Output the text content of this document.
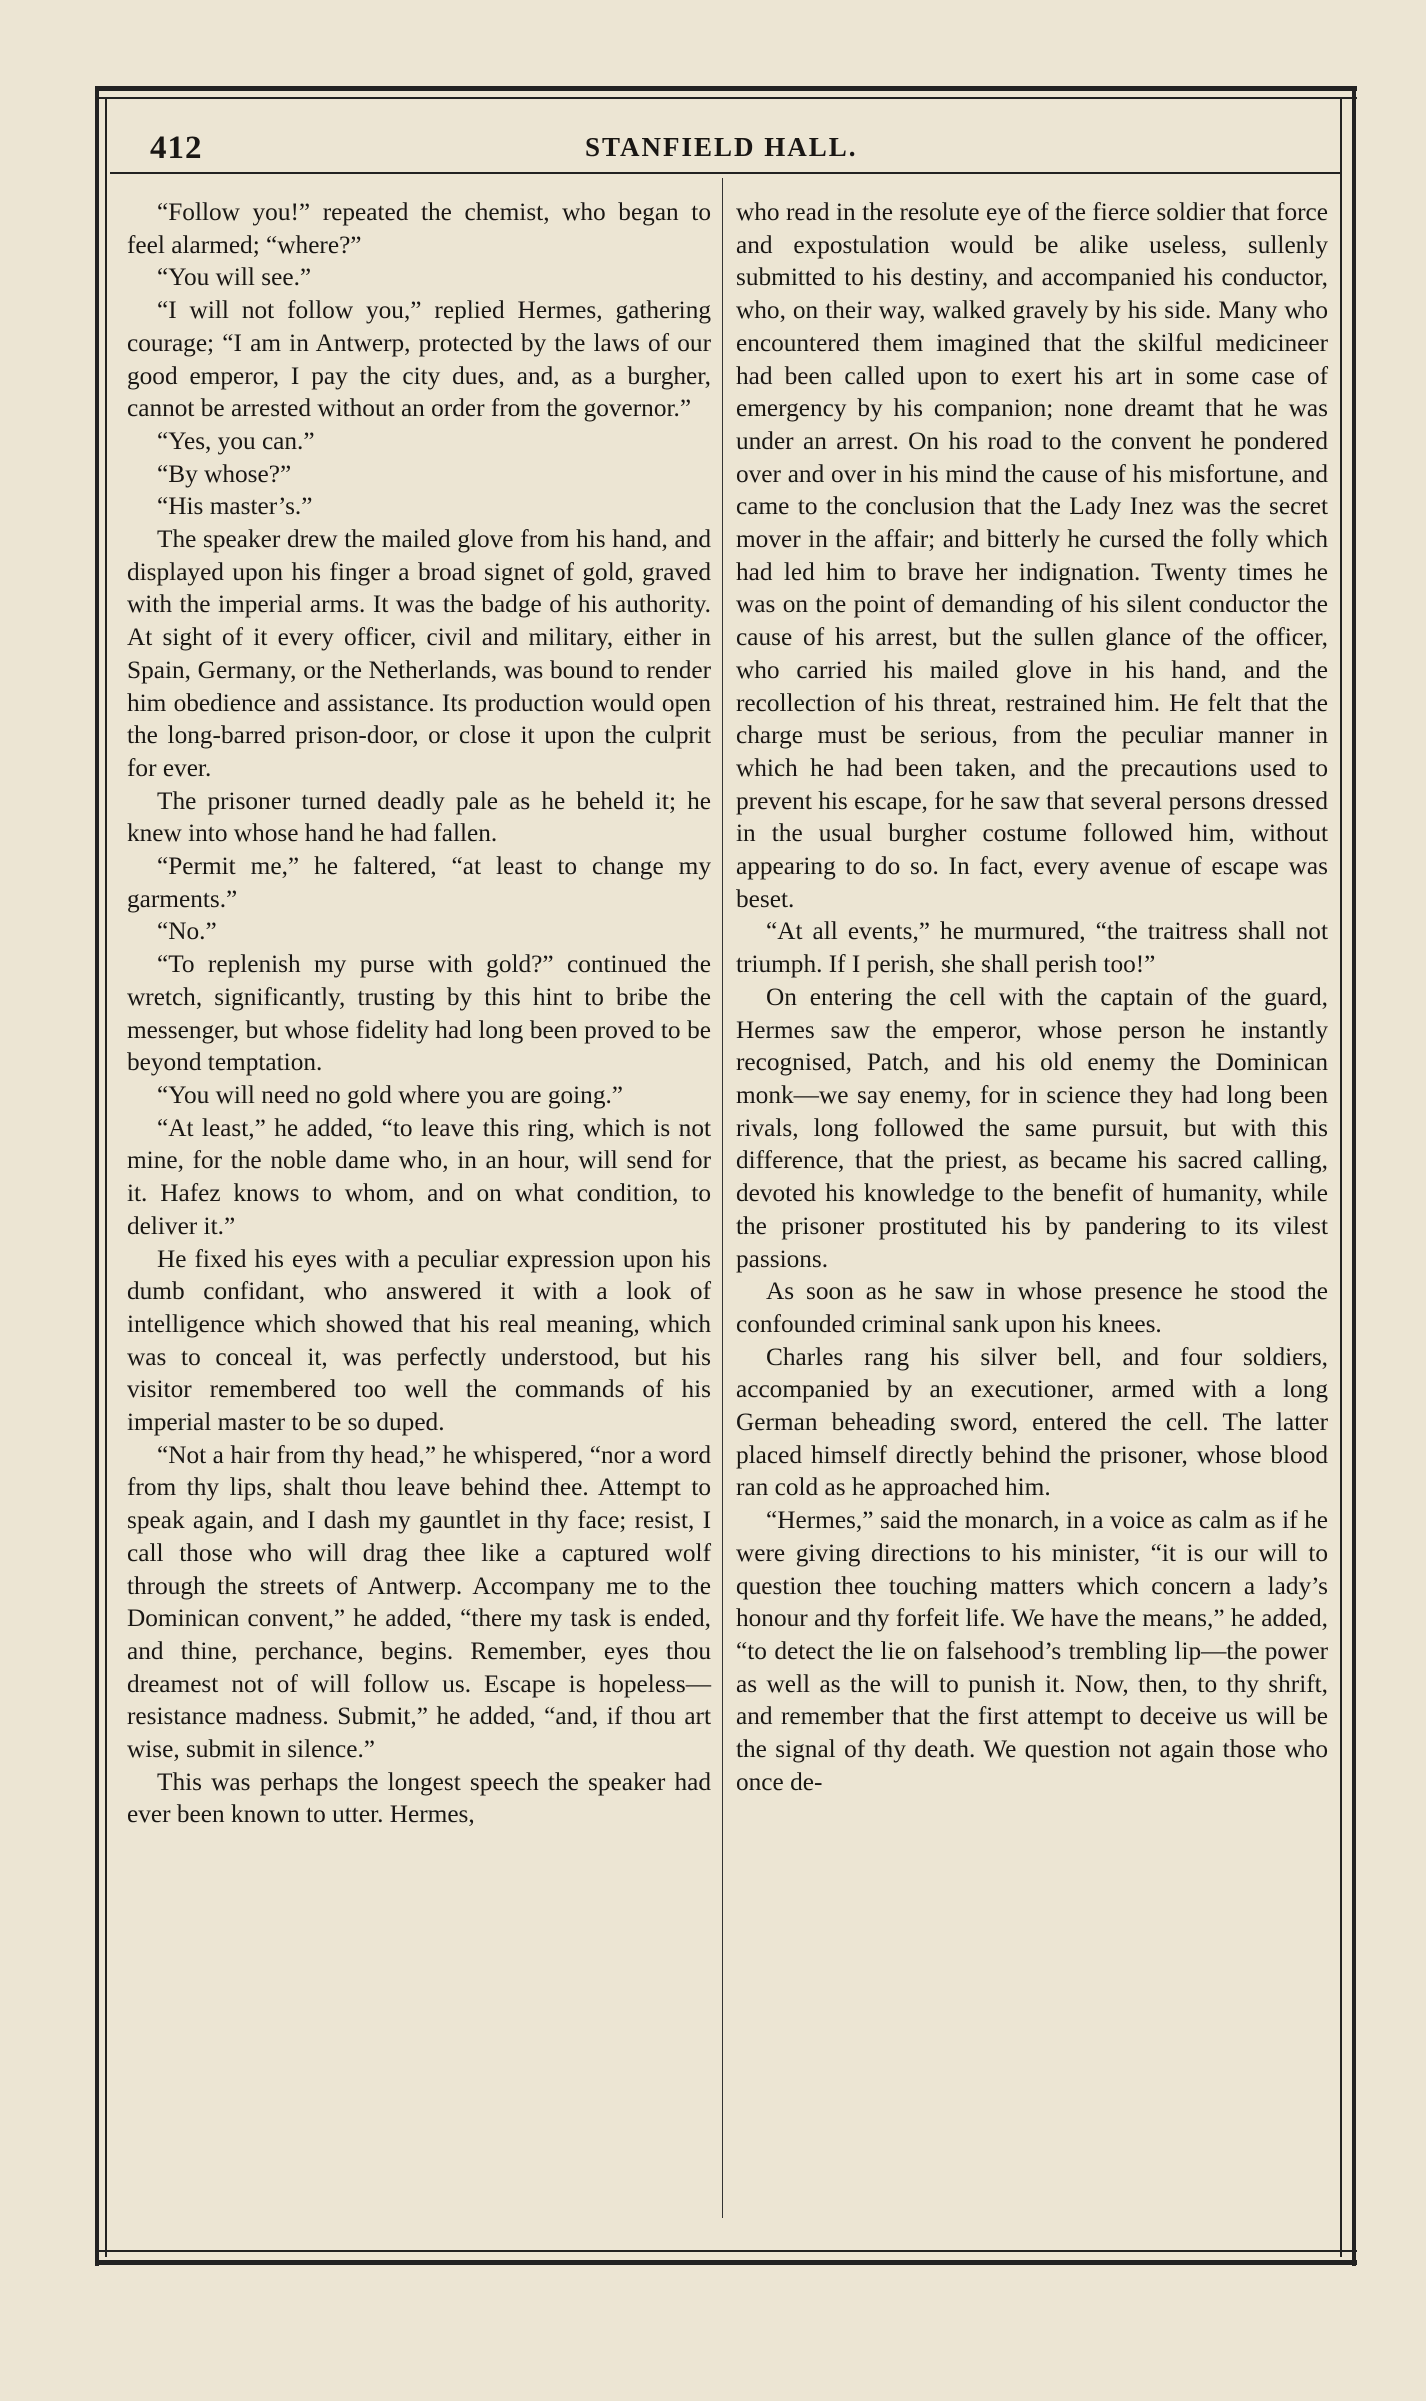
412	STANFIELD HALL.

“Follow you!” repeated the chemist, who began to feel alarmed; “where?”

“You will see.”

“I will not follow you,” replied Hermes, gathering courage; “I am in Antwerp, protected by the laws of our good emperor, I pay the city dues, and, as a burgher, cannot be arrested without an order from the governor.”

“Yes, you can.”

“By whose?”

“His master’s.”

The speaker drew the mailed glove from his hand, and displayed upon his finger a broad signet of gold, graved with the imperial arms. It was the badge of his authority. At sight of it every officer, civil and military, either in Spain, Germany, or the Netherlands, was bound to render him obedience and assistance. Its production would open the long-barred prison-door, or close it upon the culprit for ever.

The prisoner turned deadly pale as he beheld it; he knew into whose hand he had fallen.

“Permit me,” he faltered, “at least to change my garments.”

“No.”

“To replenish my purse with gold?” continued the wretch, significantly, trusting by this hint to bribe the messenger, but whose fidelity had long been proved to be beyond temptation.

“You will need no gold where you are going.”

“At least,” he added, “to leave this ring, which is not mine, for the noble dame who, in an hour, will send for it. Hafez knows to whom, and on what condition, to deliver it.”

He fixed his eyes with a peculiar expression upon his dumb confidant, who answered it with a look of intelligence which showed that his real meaning, which was to conceal it, was perfectly understood, but his visitor remembered too well the commands of his imperial master to be so duped.

“Not a hair from thy head,” he whispered, “nor a word from thy lips, shalt thou leave behind thee. Attempt to speak again, and I dash my gauntlet in thy face; resist, I call those who will drag thee like a captured wolf through the streets of Antwerp. Accompany me to the Dominican convent,” he added, “there my task is ended, and thine, perchance, begins. Remember, eyes thou dreamest not of will follow us. Escape is hopeless—resistance madness. Submit,” he added, “and, if thou art wise, submit in silence.”

This was perhaps the longest speech the speaker had ever been known to utter. Hermes,

who read in the resolute eye of the fierce soldier that force and expostulation would be alike useless, sullenly submitted to his destiny, and accompanied his conductor, who, on their way, walked gravely by his side. Many who encountered them imagined that the skilful medicineer had been called upon to exert his art in some case of emergency by his companion; none dreamt that he was under an arrest. On his road to the convent he pondered over and over in his mind the cause of his misfortune, and came to the conclusion that the Lady Inez was the secret mover in the affair; and bitterly he cursed the folly which had led him to brave her indignation. Twenty times he was on the point of demanding of his silent conductor the cause of his arrest, but the sullen glance of the officer, who carried his mailed glove in his hand, and the recollection of his threat, restrained him. He felt that the charge must be serious, from the peculiar manner in which he had been taken, and the precautions used to prevent his escape, for he saw that several persons dressed in the usual burgher costume followed him, without appearing to do so. In fact, every avenue of escape was beset.

“At all events,” he murmured, “the traitress shall not triumph. If I perish, she shall perish too!”

On entering the cell with the captain of the guard, Hermes saw the emperor, whose person he instantly recognised, Patch, and his old enemy the Dominican monk—we say enemy, for in science they had long been rivals, long followed the same pursuit, but with this difference, that the priest, as became his sacred calling, devoted his knowledge to the benefit of humanity, while the prisoner prostituted his by pandering to its vilest passions.

As soon as he saw in whose presence he stood the confounded criminal sank upon his knees.

Charles rang his silver bell, and four soldiers, accompanied by an executioner, armed with a long German beheading sword, entered the cell. The latter placed himself directly behind the prisoner, whose blood ran cold as he approached him.

“Hermes,” said the monarch, in a voice as calm as if he were giving directions to his minister, “it is our will to question thee touching matters which concern a lady’s honour and thy forfeit life. We have the means,” he added, “to detect the lie on falsehood’s trembling lip—the power as well as the will to punish it. Now, then, to thy shrift, and remember that the first attempt to deceive us will be the signal of thy death. We question not again those who once de-
